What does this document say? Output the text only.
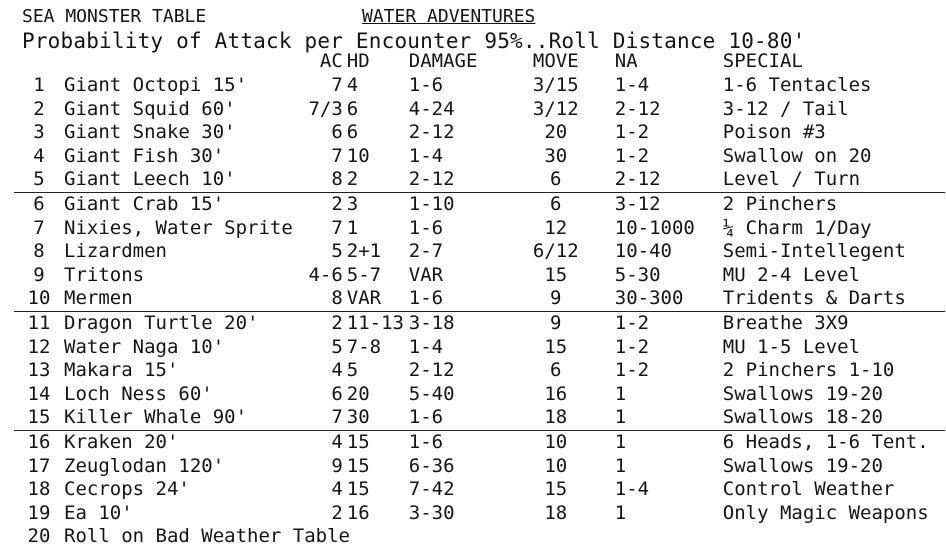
SEA MONSTER TABLE	WATER ADVENTURES
Probability of Attack per Encounter 95%..Roll Distance 10-80'
		AC	HD	DAMAGE	MOVE	NA	SPECIAL
1	Giant Octopi 15'	7	4	1-6	3/15	1-4	1-6 Tentacles
2	Giant Squid 60'	7/3	6	4-24	3/12	2-12	3-12 / Tail
3	Giant Snake 30'	6	6	2-12	20	1-2	Poison #3
4	Giant Fish 30'	7	10	1-4	30	1-2	Swallow on 20
5	Giant Leech 10'	8	2	2-12	6	2-12	Level / Turn
6	Giant Crab 15'	2	3	1-10	6	3-12	2 Pinchers
7	Nixies, Water Sprite	7	1	1-6	12	10-1000	¼ Charm 1/Day
8	Lizardmen	5	2+1	2-7	6/12	10-40	Semi-Intellegent
9	Tritons	4-6	5-7	VAR	15	5-30	MU 2-4 Level
10	Mermen	8	VAR	1-6	9	30-300	Tridents & Darts
11	Dragon Turtle 20'	2	11-13	3-18	9	1-2	Breathe 3X9
12	Water Naga 10'	5	7-8	1-4	15	1-2	MU 1-5 Level
13	Makara 15'	4	5	2-12	6	1-2	2 Pinchers 1-10
14	Loch Ness 60'	6	20	5-40	16	1	Swallows 19-20
15	Killer Whale 90'	7	30	1-6	18	1	Swallows 18-20
16	Kraken 20'	4	15	1-6	10	1	6 Heads, 1-6 Tent.
17	Zeuglodan 120'	9	15	6-36	10	1	Swallows 19-20
18	Cecrops 24'	4	15	7-42	15	1-4	Control Weather
19	Ea 10'	2	16	3-30	18	1	Only Magic Weapons
20	Roll on Bad Weather Table						
